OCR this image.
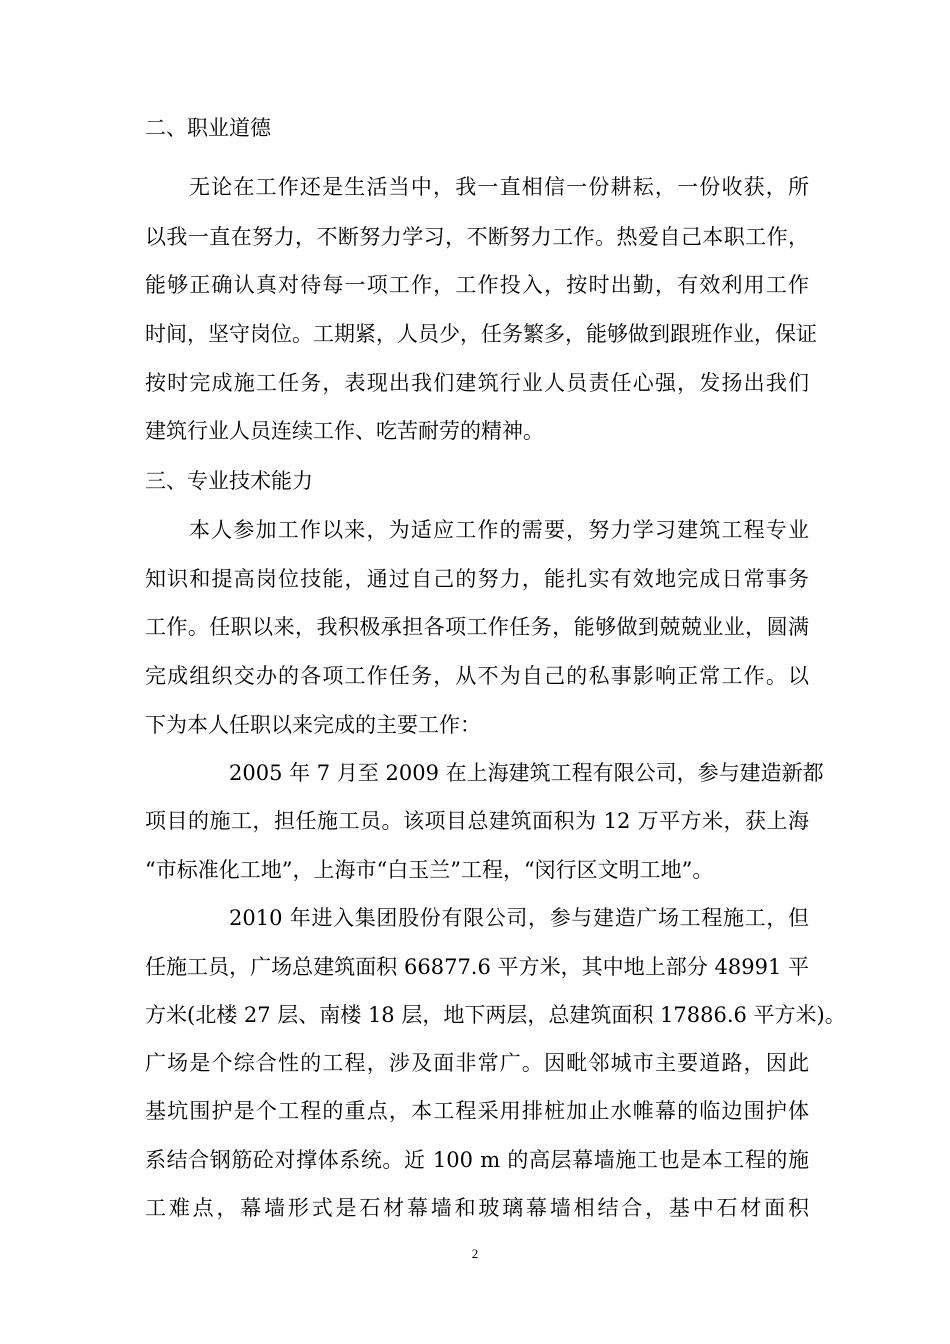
二、职业道德
无论在工作还是生活当中，我一直相信一份耕耘，一份收获，所
以我一直在努力，不断努力学习，不断努力工作。热爱自己本职工作，
能够正确认真对待每一项工作，工作投入，按时出勤，有效利用工作
时间，坚守岗位。工期紧，人员少，任务繁多，能够做到跟班作业，保证
按时完成施工任务，表现出我们建筑行业人员责任心强，发扬出我们
建筑行业人员连续工作、吃苦耐劳的精神。
三、专业技术能力
本人参加工作以来，为适应工作的需要，努力学习建筑工程专业
知识和提高岗位技能，通过自己的努力，能扎实有效地完成日常事务
工作。任职以来，我积极承担各项工作任务，能够做到兢兢业业，圆满
完成组织交办的各项工作任务，从不为自己的私事影响正常工作。以
下为本人任职以来完成的主要工作：
2005 年 7 月至 2009 在上海建筑工程有限公司，参与建造新都
项目的施工，担任施工员。该项目总建筑面积为 12 万平方米，获上海
“市标准化工地”，上海市“白玉兰”工程，“闵行区文明工地”。
2010 年进入集团股份有限公司，参与建造广场工程施工，但
任施工员，广场总建筑面积 66877.6 平方米，其中地上部分 48991 平
方米(北楼 27 层、南楼 18 层，地下两层，总建筑面积 17886.6 平方米)。
广场是个综合性的工程，涉及面非常广。因毗邻城市主要道路，因此
基坑围护是个工程的重点，本工程采用排桩加止水帷幕的临边围护体
系结合钢筋砼对撑体系统。近 100 m 的高层幕墙施工也是本工程的施
工难点，幕墙形式是石材幕墙和玻璃幕墙相结合，基中石材面积
2
